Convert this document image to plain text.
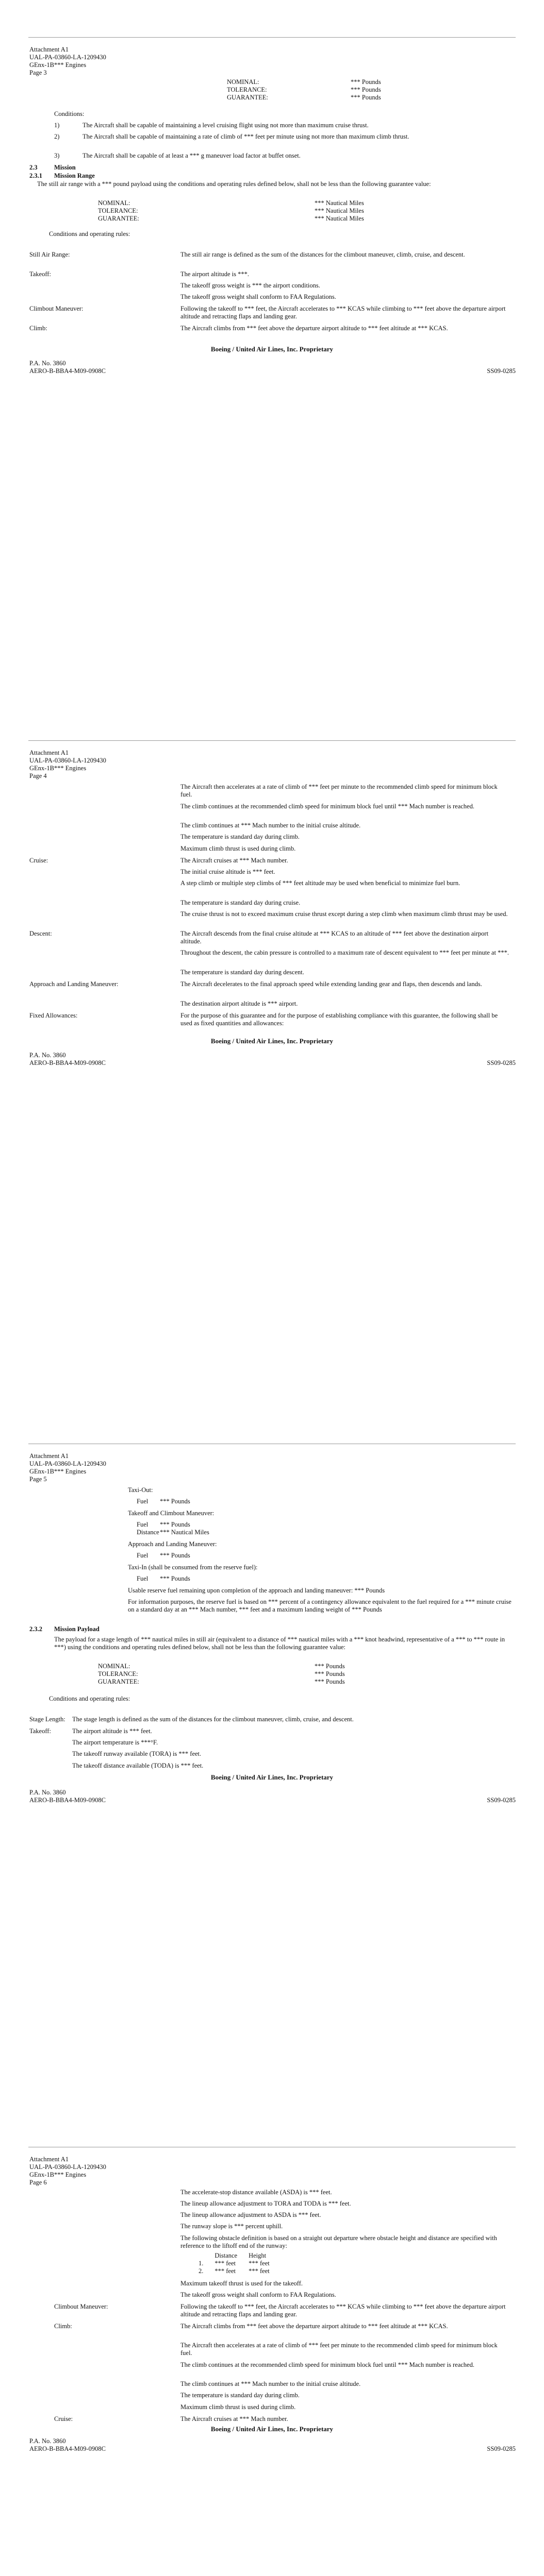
Attachment A1
UAL-PA-03860-LA-1209430
GEnx-1B*** Engines
Page 3
NOMINAL:	*** Pounds
TOLERANCE:	*** Pounds
GUARANTEE:	*** Pounds
Conditions:
1)	The Aircraft shall be capable of maintaining a level cruising flight using not more than maximum cruise thrust.
2)	The Aircraft shall be capable of maintaining a rate of climb of *** feet per minute using not more than maximum climb thrust.
3)	The Aircraft shall be capable of at least a *** g maneuver load factor at buffet onset.
2.3	Mission
2.3.1 Mission Range
The still air range with a *** pound payload using the conditions and operating rules defined below, shall not be less than the following guarantee value:
NOMINAL:	*** Nautical Miles
TOLERANCE:	*** Nautical Miles
GUARANTEE:	*** Nautical Miles
Conditions and operating rules:
Still Air Range:	The still air range is defined as the sum of the distances for the climbout maneuver, climb, cruise, and descent.
Takeoff:	The airport altitude is ***.
The takeoff gross weight is *** the airport conditions.
The takeoff gross weight shall conform to FAA Regulations.
Climbout Maneuver:	Following the takeoff to *** feet, the Aircraft accelerates to *** KCAS while climbing to *** feet above the departure airport altitude and retracting flaps and landing gear.
Climb:	The Aircraft climbs from *** feet above the departure airport altitude to *** feet altitude at *** KCAS.
Boeing / United Air Lines, Inc. Proprietary
P.A. No. 3860
AERO-B-BBA4-M09-0908C	SS09-0285
Attachment A1
UAL-PA-03860-LA-1209430
GEnx-1B*** Engines
Page 4
The Aircraft then accelerates at a rate of climb of *** feet per minute to the recommended climb speed for minimum block fuel.
The climb continues at the recommended climb speed for minimum block fuel until *** Mach number is reached.
The climb continues at *** Mach number to the initial cruise altitude.
The temperature is standard day during climb.
Maximum climb thrust is used during climb.
Cruise:	The Aircraft cruises at *** Mach number.
The initial cruise altitude is *** feet.
A step climb or multiple step climbs of *** feet altitude may be used when beneficial to minimize fuel burn.
The temperature is standard day during cruise.
The cruise thrust is not to exceed maximum cruise thrust except during a step climb when maximum climb thrust may be used.
Descent:	The Aircraft descends from the final cruise altitude at *** KCAS to an altitude of *** feet above the destination airport altitude.
Throughout the descent, the cabin pressure is controlled to a maximum rate of descent equivalent to *** feet per minute at ***.
The temperature is standard day during descent.
Approach and Landing Maneuver:	The Aircraft decelerates to the final approach speed while extending landing gear and flaps, then descends and lands.
The destination airport altitude is *** airport.
Fixed Allowances:	For the purpose of this guarantee and for the purpose of establishing compliance with this guarantee, the following shall be used as fixed quantities and allowances:
Boeing / United Air Lines, Inc. Proprietary
P.A. No. 3860
AERO-B-BBA4-M09-0908C	SS09-0285
Attachment A1
UAL-PA-03860-LA-1209430
GEnx-1B*** Engines
Page 5
Taxi-Out:
Fuel *** Pounds
Takeoff and Climbout Maneuver:
Fuel *** Pounds
Distance *** Nautical Miles
Approach and Landing Maneuver:
Fuel *** Pounds
Taxi-In (shall be consumed from the reserve fuel):
Fuel *** Pounds
Usable reserve fuel remaining upon completion of the approach and landing maneuver: *** Pounds
For information purposes, the reserve fuel is based on *** percent of a contingency allowance equivalent to the fuel required for a *** minute cruise on a standard day at an *** Mach number, *** feet and a maximum landing weight of *** Pounds
2.3.2 Mission Payload
The payload for a stage length of *** nautical miles in still air (equivalent to a distance of *** nautical miles with a *** knot headwind, representative of a *** to *** route in ***) using the conditions and operating rules defined below, shall not be less than the following guarantee value:
NOMINAL:	*** Pounds
TOLERANCE:	*** Pounds
GUARANTEE:	*** Pounds
Conditions and operating rules:
Stage Length: The stage length is defined as the sum of the distances for the climbout maneuver, climb, cruise, and descent.
Takeoff:	The airport altitude is *** feet.
The airport temperature is ***°F.
The takeoff runway available (TORA) is *** feet.
The takeoff distance available (TODA) is *** feet.
Boeing / United Air Lines, Inc. Proprietary
P.A. No. 3860
AERO-B-BBA4-M09-0908C	SS09-0285
Attachment A1
UAL-PA-03860-LA-1209430
GEnx-1B*** Engines
Page 6
The accelerate-stop distance available (ASDA) is *** feet.
The lineup allowance adjustment to TORA and TODA is *** feet.
The lineup allowance adjustment to ASDA is *** feet.
The runway slope is *** percent uphill.
The following obstacle definition is based on a straight out departure where obstacle height and distance are specified with reference to the liftoff end of the runway:
	Distance	Height
1.	*** feet	*** feet
2.	*** feet	*** feet
Maximum takeoff thrust is used for the takeoff.
The takeoff gross weight shall conform to FAA Regulations.
Climbout Maneuver:	Following the takeoff to *** feet, the Aircraft accelerates to *** KCAS while climbing to *** feet above the departure airport altitude and retracting flaps and landing gear.
Climb:	The Aircraft climbs from *** feet above the departure airport altitude to *** feet altitude at *** KCAS.
The Aircraft then accelerates at a rate of climb of *** feet per minute to the recommended climb speed for minimum block fuel.
The climb continues at the recommended climb speed for minimum block fuel until *** Mach number is reached.
The climb continues at *** Mach number to the initial cruise altitude.
The temperature is standard day during climb.
Maximum climb thrust is used during climb.
Cruise:	The Aircraft cruises at *** Mach number.
Boeing / United Air Lines, Inc. Proprietary
P.A. No. 3860
AERO-B-BBA4-M09-0908C	SS09-0285
